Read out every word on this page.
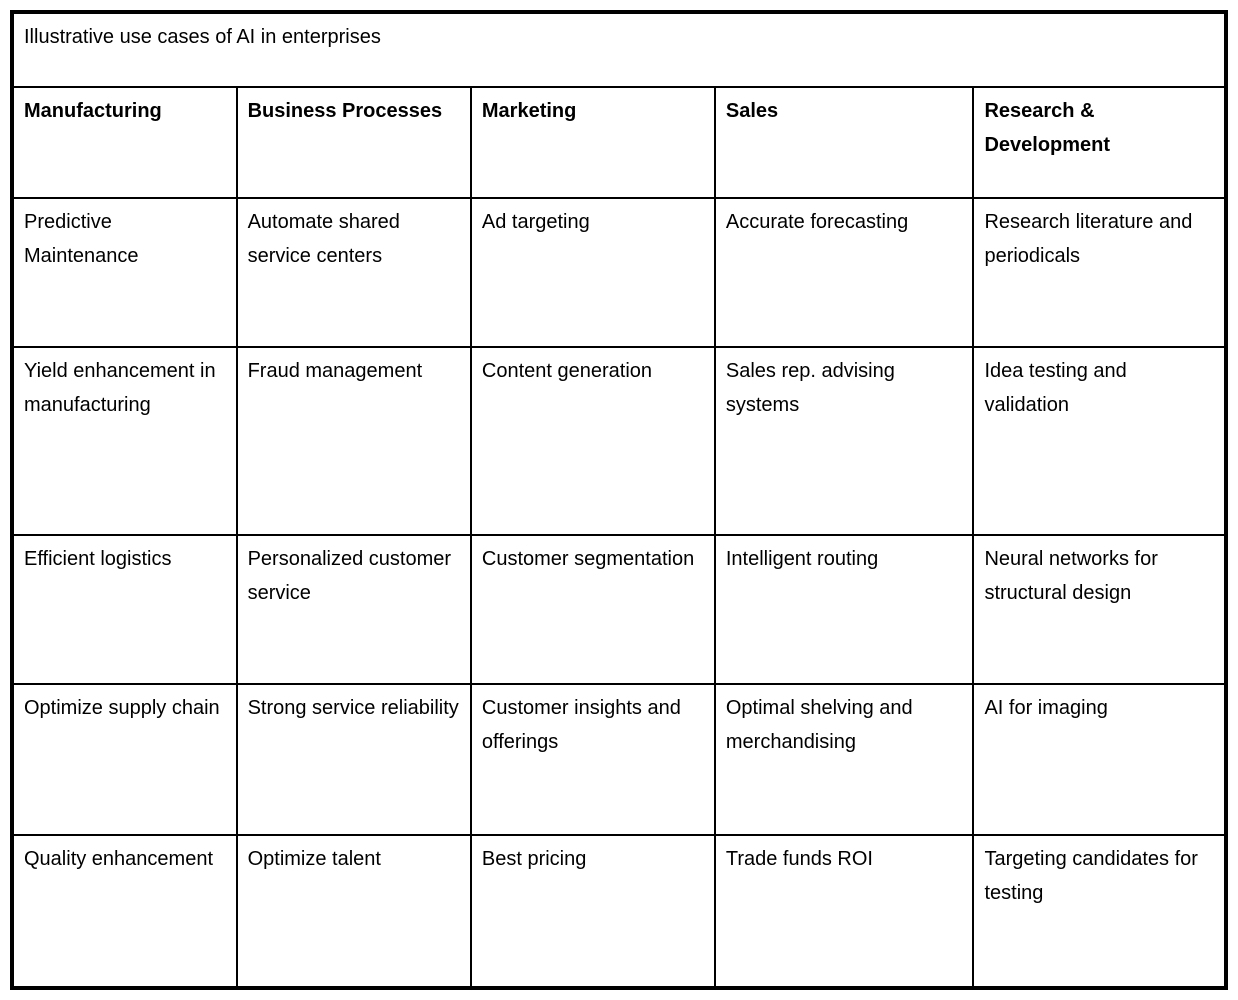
Illustrative use cases of AI in enterprises				
Manufacturing	Business Processes	Marketing	Sales	Research & Development
Predictive Maintenance	Automate shared service centers	Ad targeting	Accurate forecasting	Research literature and periodicals
Yield enhancement in manufacturing	Fraud management	Content generation	Sales rep. advising systems	Idea testing and validation
Efficient logistics	Personalized customer service	Customer segmentation	Intelligent routing	Neural networks for structural design
Optimize supply chain	Strong service reliability	Customer insights and offerings	Optimal shelving and merchandising	AI for imaging
Quality enhancement	Optimize talent	Best pricing	Trade funds ROI	Targeting candidates for testing
